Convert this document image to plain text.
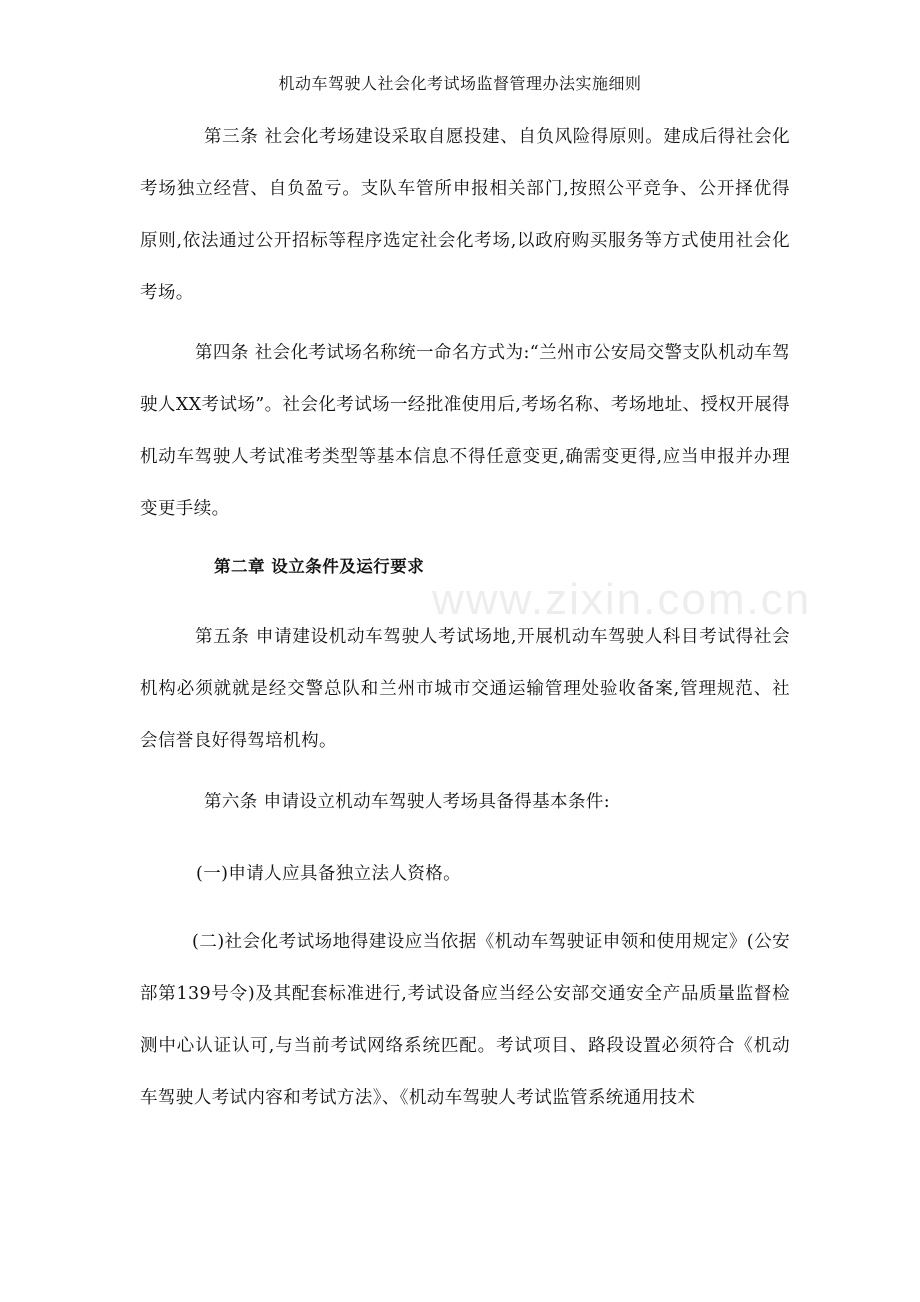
机动车驾驶人社会化考试场监督管理办法实施细则
第三条 社会化考场建设采取自愿投建、自负风险得原则。建成后得社会化考场独立经营、自负盈亏。支队车管所申报相关部门,按照公平竞争、公开择优得原则,依法通过公开招标等程序选定社会化考场,以政府购买服务等方式使用社会化考场。
第四条 社会化考试场名称统一命名方式为:“兰州市公安局交警支队机动车驾驶人XX考试场”。社会化考试场一经批准使用后,考场名称、考场地址、授权开展得机动车驾驶人考试准考类型等基本信息不得任意变更,确需变更得,应当申报并办理变更手续。
第二章 设立条件及运行要求
www.zixin.com.cn
第五条 申请建设机动车驾驶人考试场地,开展机动车驾驶人科目考试得社会机构必须就就是经交警总队和兰州市城市交通运输管理处验收备案,管理规范、社会信誉良好得驾培机构。
第六条 申请设立机动车驾驶人考场具备得基本条件:
(一)申请人应具备独立法人资格。
(二)社会化考试场地得建设应当依据《机动车驾驶证申领和使用规定》(公安部第139号令)及其配套标准进行,考试设备应当经公安部交通安全产品质量监督检测中心认证认可,与当前考试网络系统匹配。考试项目、路段设置必须符合《机动车驾驶人考试内容和考试方法》、《机动车驾驶人考试监管系统通用技术
